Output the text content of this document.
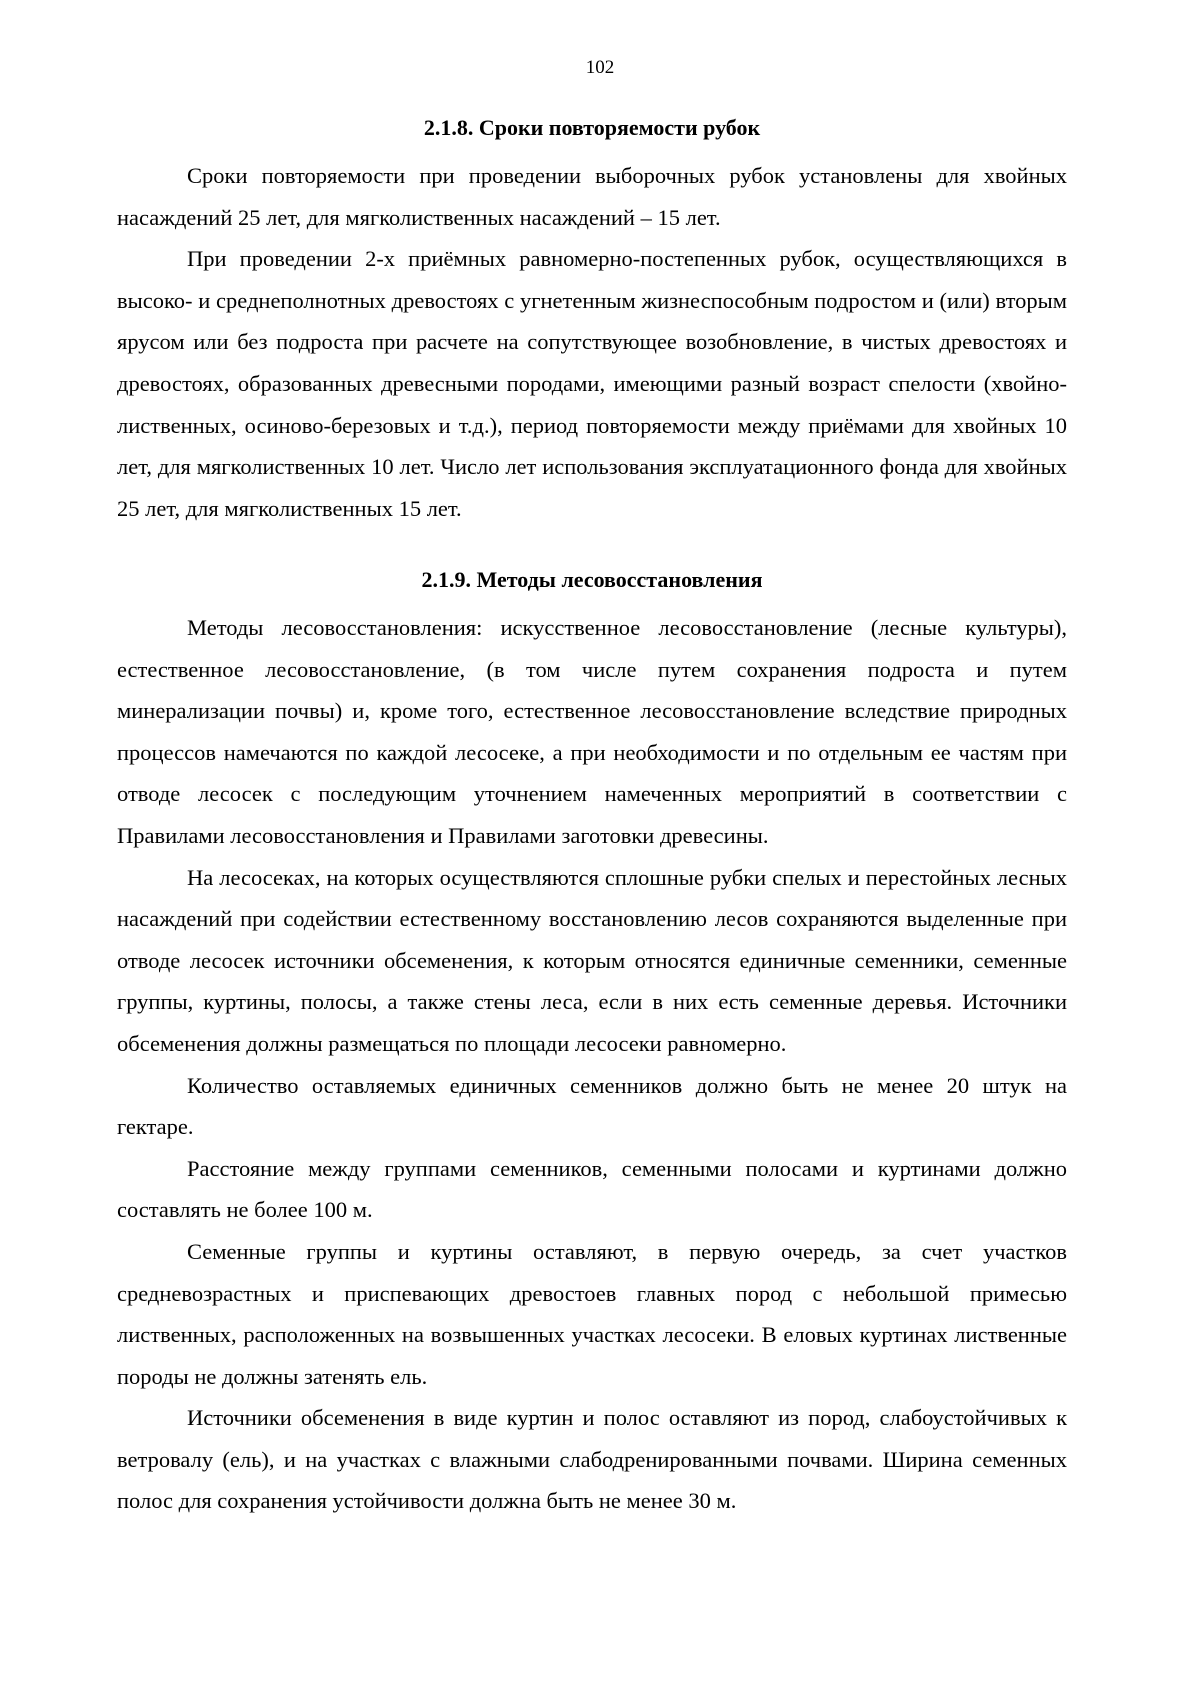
102
2.1.8. Сроки повторяемости рубок

Сроки повторяемости при проведении выборочных рубок установлены для хвойных насаждений 25 лет, для мягколиственных насаждений – 15 лет.

При проведении 2-х приёмных равномерно-постепенных рубок, осуществляющихся в высоко- и среднеполнотных древостоях с угнетенным жизнеспособным подростом и (или) вторым ярусом или без подроста при расчете на сопутствующее возобновление, в чистых древостоях и древостоях, образованных древесными породами, имеющими разный возраст спелости (хвойно-лиственных, осиново-березовых и т.д.), период повторяемости между приёмами для хвойных 10 лет, для мягколиственных 10 лет. Число лет использования эксплуатационного фонда для хвойных 25 лет, для мягколиственных 15 лет.

2.1.9. Методы лесовосстановления

Методы лесовосстановления: искусственное лесовосстановление (лесные культуры), естественное лесовосстановление, (в том числе путем сохранения подроста и путем минерализации почвы) и, кроме того, естественное лесовосстановление вследствие природных процессов намечаются по каждой лесосеке, а при необходимости и по отдельным ее частям при отводе лесосек с последующим уточнением намеченных мероприятий в соответствии с Правилами лесовосстановления и Правилами заготовки древесины.

На лесосеках, на которых осуществляются сплошные рубки спелых и перестойных лесных насаждений при содействии естественному восстановлению лесов сохраняются выделенные при отводе лесосек источники обсеменения, к которым относятся единичные семенники, семенные группы, куртины, полосы, а также стены леса, если в них есть семенные деревья. Источники обсеменения должны размещаться по площади лесосеки равномерно.

Количество оставляемых единичных семенников должно быть не менее 20 штук на гектаре.

Расстояние между группами семенников, семенными полосами и куртинами должно составлять не более 100 м.

Семенные группы и куртины оставляют, в первую очередь, за счет участков средневозрастных и приспевающих древостоев главных пород с небольшой примесью лиственных, расположенных на возвышенных участках лесосеки. В еловых куртинах лиственные породы не должны затенять ель.

Источники обсеменения в виде куртин и полос оставляют из пород, слабоустойчивых к ветровалу (ель), и на участках с влажными слабодренированными почвами. Ширина семенных полос для сохранения устойчивости должна быть не менее 30 м.
